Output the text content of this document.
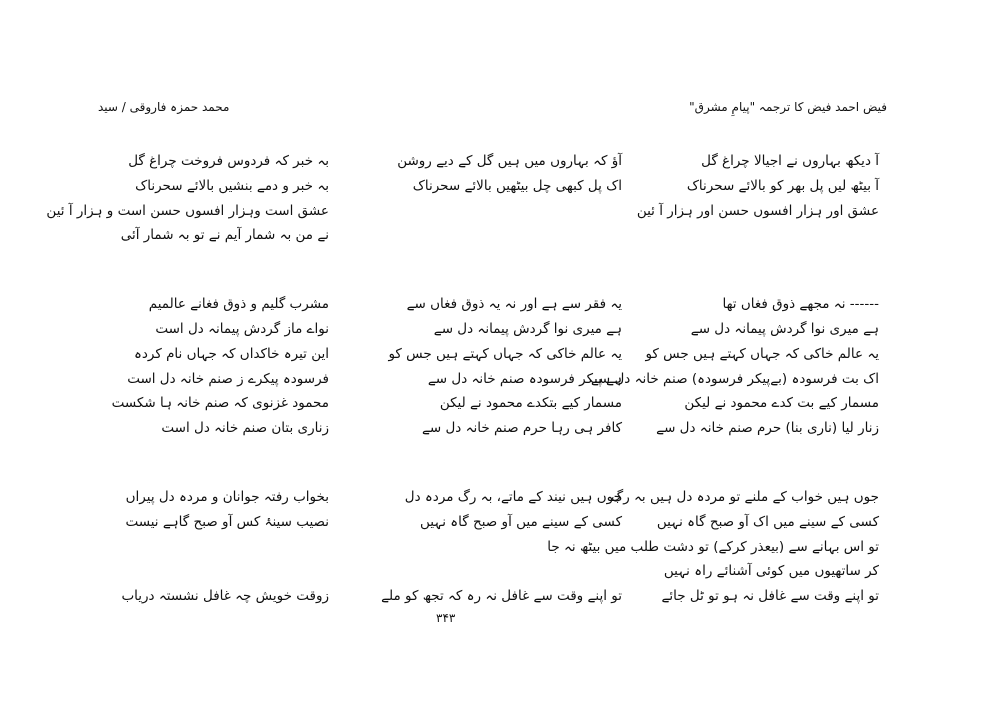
فیض احمد فیض کا ترجمہ "پیامِ مشرق"
محمد حمزہ فاروقی / سید
آ دیکھ بہاروں نے اجیالا چراغ گل
آ بیٹھ لیں پل بھر کو بالائے سحرناک
عشق اور ہزار افسوں حسن اور ہزار آ ئین
------ نہ مجھے ذوق فغاں تھا
ہے میری نوا گردش پیمانہ دل سے
یہ عالم خاکی کہ جہاں کہتے ہیں جس کو
اک بت فرسودہ (بےپیکر فرسودہ) صنم خانہ دل سے
مسمار کیے بت کدے محمود نے لیکن
زنار لیا (ناری بنا) حرم صنم خانہ دل سے
جوں ہیں خواب کے ملنے تو مردہ دل ہیں بہ رگ
کسی کے سینے میں اک آو صبح گاہ نہیں
تو اس بہانے سے (بیعذر کرکے) تو دشت طلب میں بیٹھ نہ جا
کر ساتھیوں میں کوئی آشنائے راہ نہیں
تو اپنے وقت سے غافل نہ ہو تو ٹل جائے
آؤ کہ بہاروں میں ہیں گل کے دیے روشن
اک پل کبھی چل بیٹھیں بالائے سحرناک
یہ فقر سے ہے اور نہ یہ ذوق فغاں سے
ہے میری نوا گردش پیمانہ دل سے
یہ عالم خاکی کہ جہاں کہتے ہیں جس کو
ہے پیکر فرسودہ صنم خانہ دل سے
مسمار کیے بتکدے محمود نے لیکن
کافر ہی رہا حرم صنم خانہ دل سے
جوں ہیں نیند کے ماتے، بہ رگ مردہ دل
کسی کے سینے میں آو صبح گاہ نہیں
تو اپنے وقت سے غافل نہ رہ کہ تجھ کو ملے
بہ خبر کہ فردوس فروخت چراغ گل
بہ خبر و دمے بنشیں بالائے سحرناک
عشق است وہزار افسوں حسن است و ہزار آ ئین
نے من بہ شمار آیم نے تو بہ شمار آئی
مشرب گلیم و ذوق فغانے عالمیم
نواے ماز گردش پیمانہ دل است
این تیرہ خاکداں کہ جہاں نام کردہ
فرسودہ پیکرے ز صنم خانہ دل است
محمود غزنوی کہ صنم خانہ ہا شکست
زناری بتان صنم خانہ دل است
بخواب رفتہ جوانان و مردہ دل پیراں
نصیب سینۂ کس آو صبح گاہے نیست
زوقت خویش چہ غافل نشستہ دریاب
۳۴۳
